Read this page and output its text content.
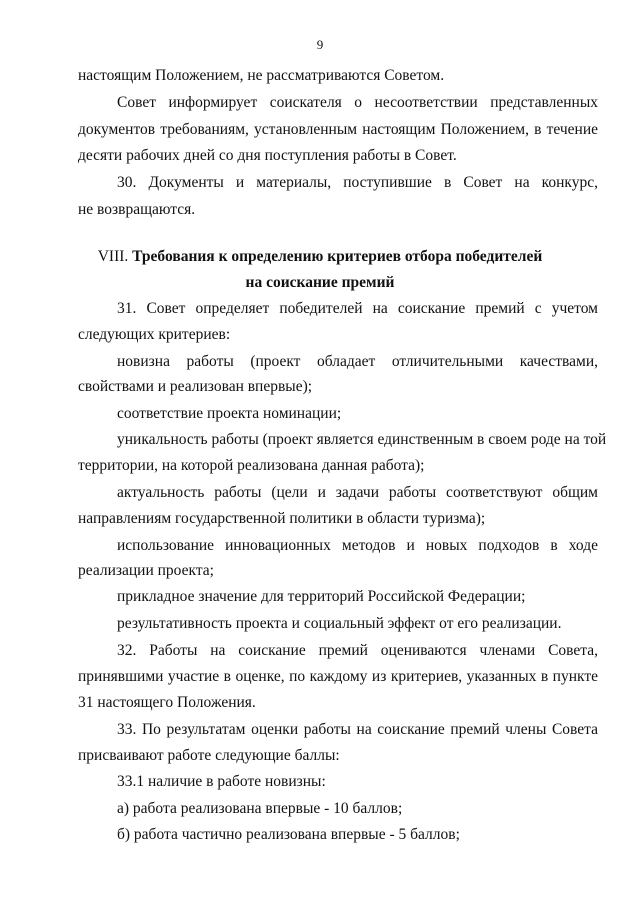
9
настоящим Положением, не рассматриваются Советом.
Совет информирует соискателя о несоответствии представленных
документов требованиям, установленным настоящим Положением, в течение
десяти рабочих дней со дня поступления работы в Совет.
30. Документы и материалы, поступившие в Совет на конкурс,
не возвращаются.
VIII. Требования к определению критериев отбора победителей
на соискание премий
31. Совет определяет победителей на соискание премий с учетом
следующих критериев:
новизна работы (проект обладает отличительными качествами,
свойствами и реализован впервые);
соответствие проекта номинации;
уникальность работы (проект является единственным в своем роде на той
территории, на которой реализована данная работа);
актуальность работы (цели и задачи работы соответствуют общим
направлениям государственной политики в области туризма);
использование инновационных методов и новых подходов в ходе
реализации проекта;
прикладное значение для территорий Российской Федерации;
результативность проекта и социальный эффект от его реализации.
32. Работы на соискание премий оцениваются членами Совета,
принявшими участие в оценке, по каждому из критериев, указанных в пункте
31 настоящего Положения.
33. По результатам оценки работы на соискание премий члены Совета
присваивают работе следующие баллы:
33.1 наличие в работе новизны:
а) работа реализована впервые - 10 баллов;
б) работа частично реализована впервые - 5 баллов;
